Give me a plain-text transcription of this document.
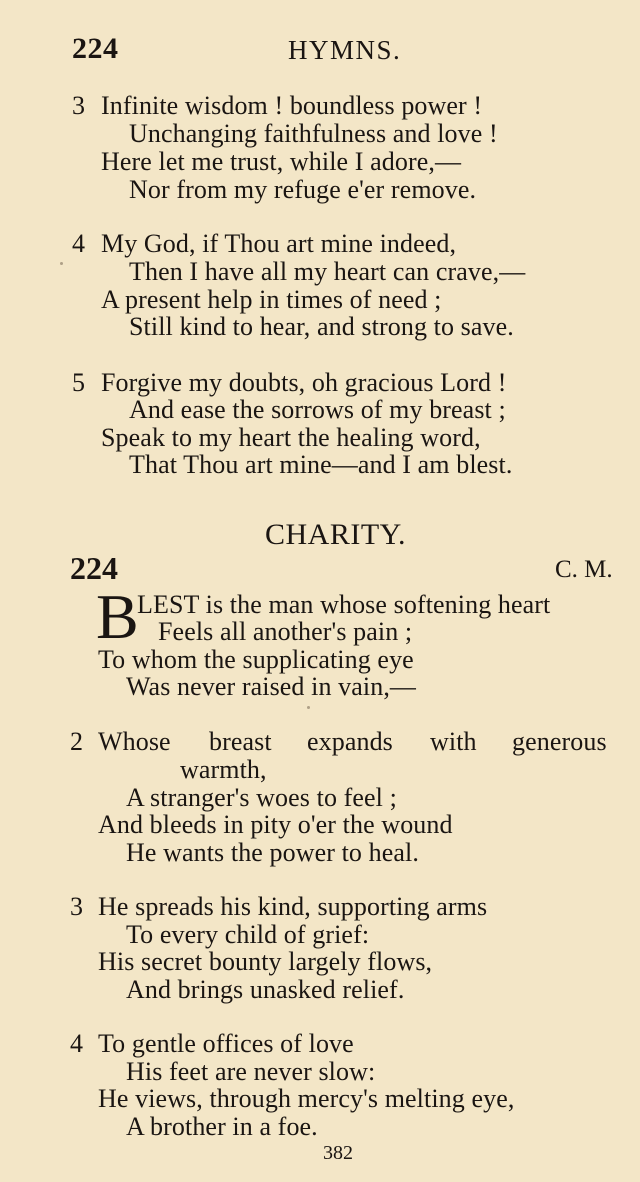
224	HYMNS.
3 Infinite wisdom ! boundless power !
Unchanging faithfulness and love !
Here let me trust, while I adore,—
Nor from my refuge e'er remove.
4 My God, if Thou art mine indeed,
Then I have all my heart can crave,—
A present help in times of need ;
Still kind to hear, and strong to save.
5 Forgive my doubts, oh gracious Lord !
And ease the sorrows of my breast ;
Speak to my heart the healing word,
That Thou art mine—and I am blest.
CHARITY.
224	C. M.
B
LEST is the man whose softening heart
Feels all another's pain ;
To whom the supplicating eye
Was never raised in vain,—
2 Whose breast expands with generous
warmth,
A stranger's woes to feel ;
And bleeds in pity o'er the wound
He wants the power to heal.
3 He spreads his kind, supporting arms
To every child of grief:
His secret bounty largely flows,
And brings unasked relief.
4 To gentle offices of love
His feet are never slow:
He views, through mercy's melting eye,
A brother in a foe.
382
